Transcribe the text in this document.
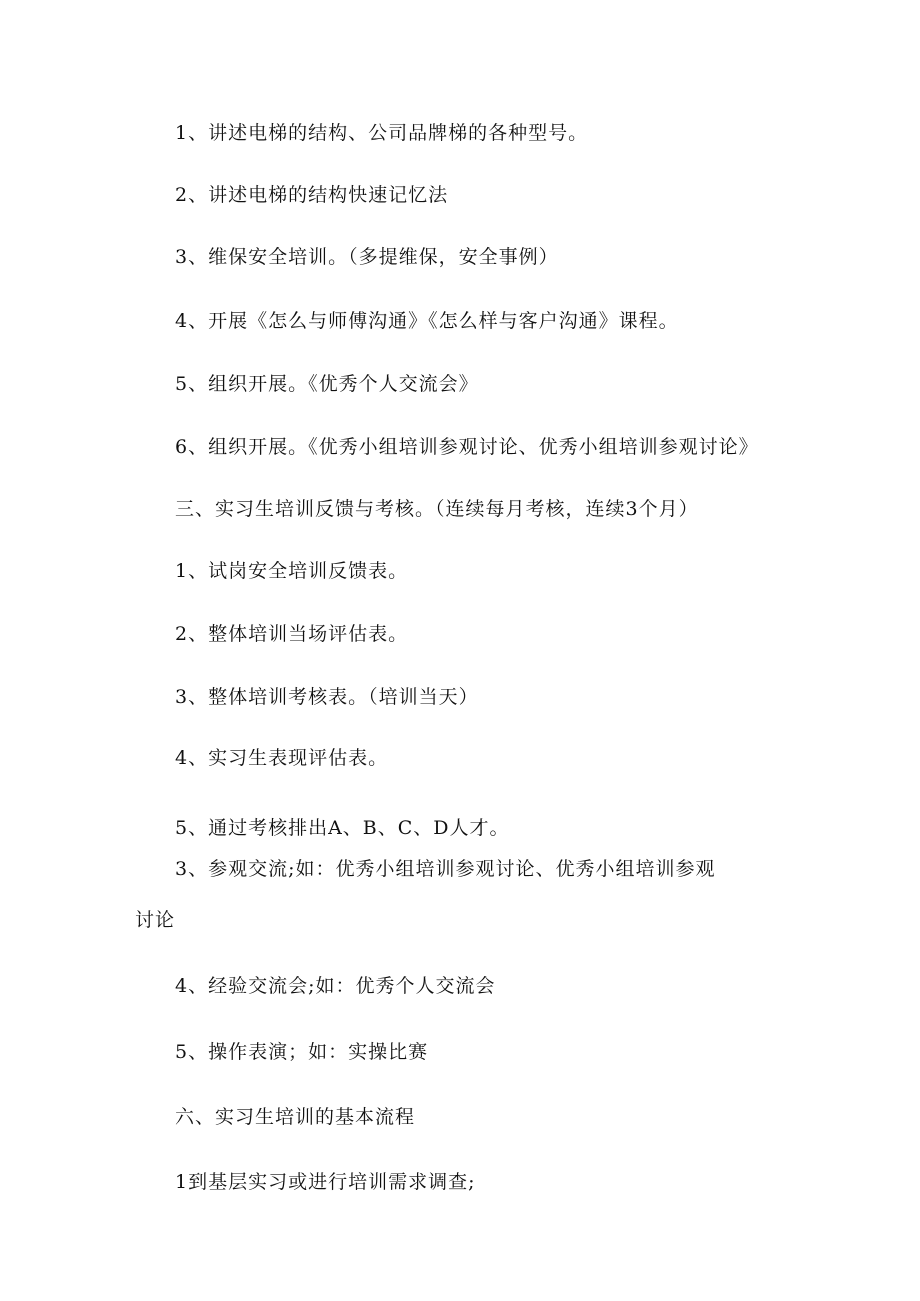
1、讲述电梯的结构、公司品牌梯的各种型号。
2、讲述电梯的结构快速记忆法
3、维保安全培训。（多提维保，安全事例）
4、开展《怎么与师傅沟通》《怎么样与客户沟通》课程。
5、组织开展。《优秀个人交流会》
6、组织开展。《优秀小组培训参观讨论、优秀小组培训参观讨论》
三、实习生培训反馈与考核。（连续每月考核，连续3个月）
1、试岗安全培训反馈表。
2、整体培训当场评估表。
3、整体培训考核表。（培训当天）
4、实习生表现评估表。
5、通过考核排出A、B、C、D人才。
3、参观交流;如：优秀小组培训参观讨论、优秀小组培训参观
讨论
4、经验交流会;如：优秀个人交流会
5、操作表演；如：实操比赛
六、实习生培训的基本流程
1到基层实习或进行培训需求调查;
